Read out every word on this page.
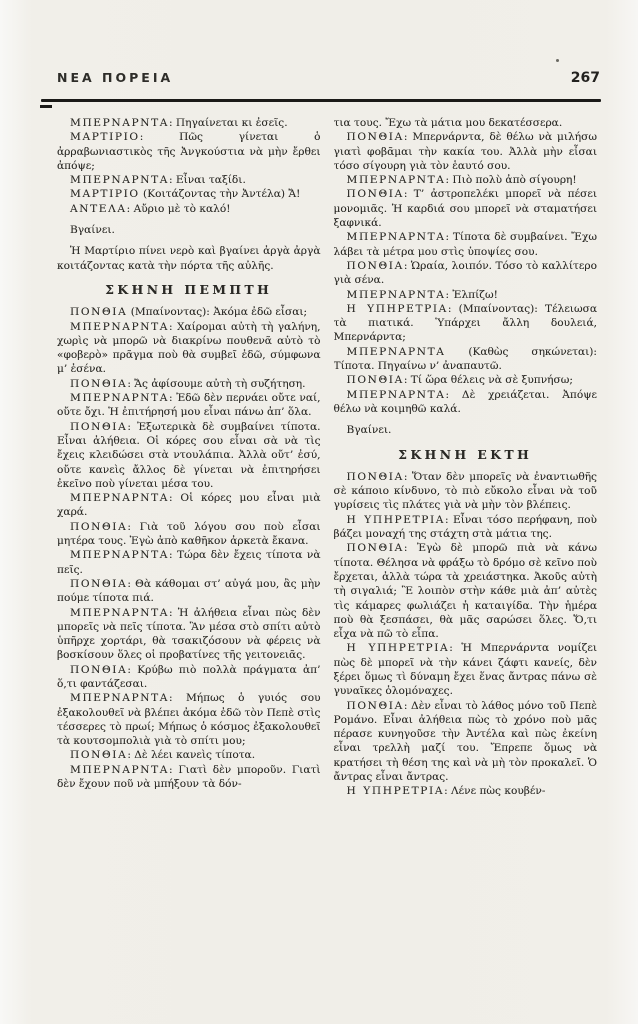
ΝΕΑ ΠΟΡΕΙΑ	267

ΜΠΕΡΝΑΡΝΤΑ: Πηγαίνεται κι ἐσεῖς.

ΜΑΡΤΙΡΙΟ: Πῶς γίνεται ὁ ἀρραβωνιαστικὸς τῆς Ἀνγκούστια νὰ μὴν ἔρθει ἀπόψε;

ΜΠΕΡΝΑΡΝΤΑ: Εἶναι ταξίδι.

ΜΑΡΤΙΡΙΟ (Κοιτάζοντας τὴν Ἀντέλα) Ἄ!

ΑΝΤΕΛΑ: Αὔριο μὲ τὸ καλό!

Βγαίνει.

Ἡ Μαρτίριο πίνει νερὸ καὶ βγαίνει ἀργὰ ἀργὰ κοιτάζοντας κατὰ τὴν πόρτα τῆς αὐλῆς.

ΣΚΗΝΗ ΠΕΜΠΤΗ

ΠΟΝΘΙΑ (Μπαίνοντας): Ἀκόμα ἐδῶ εἶσαι;

ΜΠΕΡΝΑΡΝΤΑ: Χαίρομαι αὐτὴ τὴ γαλήνη, χωρὶς νὰ μπορῶ νὰ διακρίνω πουθενᾶ αὐτὸ τὸ «φοβερὸ» πρᾶγμα ποὺ θὰ συμβεῖ ἐδῶ, σύμφωνα μ’ ἐσένα.

ΠΟΝΘΙΑ: Ἄς ἀφίσουμε αὐτὴ τὴ συζήτηση.

ΜΠΕΡΝΑΡΝΤΑ: Ἐδῶ δὲν περνάει οὔτε ναί, οὔτε ὄχι. Ἡ ἐπιτήρησή μου εἶναι πάνω ἀπ’ ὅλα.

ΠΟΝΘΙΑ: Ἐξωτερικὰ δὲ συμβαίνει τίποτα. Εἶναι ἀλήθεια. Οἱ κόρες σου εἶναι σὰ νὰ τὶς ἔχεις κλειδώσει στὰ ντουλάπια. Ἀλλὰ οὔτ’ ἐσύ, οὔτε κανεὶς ἄλλος δὲ γίνεται νὰ ἐπιτηρήσει ἐκεῖνο ποὺ γίνεται μέσα του.

ΜΠΕΡΝΑΡΝΤΑ: Οἱ κόρες μου εἶναι μιὰ χαρά.

ΠΟΝΘΙΑ: Γιὰ τοῦ λόγου σου ποὺ εἶσαι μητέρα τους. Ἐγὼ ἀπὸ καθῆκον ἀρκετὰ ἔκανα.

ΜΠΕΡΝΑΡΝΤΑ: Τώρα δὲν ἔχεις τίποτα νὰ πεῖς.

ΠΟΝΘΙΑ: Θὰ κάθομαι στ’ αὐγά μου, ἂς μὴν πούμε τίποτα πιά.

ΜΠΕΡΝΑΡΝΤΑ: Ἡ ἀλήθεια εἶναι πὼς δὲν μπορεῖς νὰ πεῖς τίποτα. Ἂν μέσα στὸ σπίτι αὐτὸ ὑπῆρχε χορτάρι, θὰ τσακιζόσουν νὰ φέρεις νὰ βοσκίσουν ὅλες οἱ προβατίνες τῆς γειτονειᾶς.

ΠΟΝΘΙΑ: Κρύβω πιὸ πολλὰ πράγματα ἀπ’ ὅ,τι φαντάζεσαι.

ΜΠΕΡΝΑΡΝΤΑ: Μήπως ὁ γυιός σου ἐξακολουθεῖ νὰ βλέπει ἀκόμα ἐδῶ τὸν Πεπὲ στὶς τέσσερες τὸ πρωί; Μήπως ὁ κόσμος ἐξακολουθεῖ τὰ κουτσομπολιὰ γιὰ τὸ σπίτι μου;

ΠΟΝΘΙΑ: Δὲ λέει κανεὶς τίποτα.

ΜΠΕΡΝΑΡΝΤΑ: Γιατὶ δὲν μποροῦν. Γιατὶ δὲν ἔχουν ποῦ νὰ μπήξουν τὰ δόν-

τια τους. Ἔχω τὰ μάτια μου δεκατέσσερα.

ΠΟΝΘΙΑ: Μπερνάρντα, δὲ θέλω νὰ μιλήσω γιατὶ φοβᾶμαι τὴν κακία του. Ἀλλὰ μὴν εἶσαι τόσο σίγουρη γιὰ τὸν ἑαυτό σου.

ΜΠΕΡΝΑΡΝΤΑ: Πιὸ πολὺ ἀπὸ σίγουρη!

ΠΟΝΘΙΑ: Τ’ ἀστροπελέκι μπορεῖ νὰ πέσει μονομιᾶς. Ἡ καρδιά σου μπορεῖ νὰ σταματήσει ξαφνικά.

ΜΠΕΡΝΑΡΝΤΑ: Τίποτα δὲ συμβαίνει. Ἔχω λάβει τὰ μέτρα μου στὶς ὑποψίες σου.

ΠΟΝΘΙΑ: Ὡραία, λοιπόν. Τόσο τὸ καλλίτερο γιὰ σένα.

ΜΠΕΡΝΑΡΝΤΑ: Ἐλπίζω!

Η ΥΠΗΡΕΤΡΙΑ: (Μπαίνοντας): Τέλειωσα τὰ πιατικά. Ὑπάρχει ἄλλη δουλειά, Μπερνάρντα;

ΜΠΕΡΝΑΡΝΤΑ (Καθὼς σηκώνεται): Τίποτα. Πηγαίνω ν’ ἀναπαυτῶ.

ΠΟΝΘΙΑ: Τί ὥρα θέλεις νὰ σὲ ξυπνήσω;

ΜΠΕΡΝΑΡΝΤΑ: Δὲ χρειάζεται. Ἀπόψε θέλω νὰ κοιμηθῶ καλά.

Βγαίνει.

ΣΚΗΝΗ ΕΚΤΗ

ΠΟΝΘΙΑ: Ὅταν δὲν μπορεῖς νὰ ἐναντιωθῆς σὲ κάποιο κίνδυνο, τὸ πιὸ εὔκολο εἶναι νὰ τοῦ γυρίσεις τὶς πλάτες γιὰ νὰ μὴν τὸν βλέπεις.

Η ΥΠΗΡΕΤΡΙΑ: Εἶναι τόσο περήφανη, ποὺ βάζει μοναχή της στάχτη στὰ μάτια της.

ΠΟΝΘΙΑ: Ἐγὼ δὲ μπορῶ πιὰ νὰ κάνω τίποτα. Θέλησα νὰ φράξω τὸ δρόμο σὲ κεῖνο ποὺ ἔρχεται, ἀλλὰ τώρα τὰ χρειάστηκα. Ἀκοῦς αὐτὴ τὴ σιγαλιά; Ἒ λοιπὸν στὴν κάθε μιὰ ἀπ’ αὐτὲς τὶς κάμαρες φωλιάζει ἡ καταιγίδα. Τὴν ἡμέρα ποὺ θὰ ξεσπάσει, θὰ μᾶς σαρώσει ὅλες. Ὅ,τι εἶχα νὰ πῶ τὸ εἶπα.

Η ΥΠΗΡΕΤΡΙΑ: Ἡ Μπερνάρντα νομίζει πὼς δὲ μπορεῖ νὰ τὴν κάνει ζάφτι κανείς, δὲν ξέρει ὅμως τὶ δύναμη ἔχει ἕνας ἄντρας πάνω σὲ γυναῖκες ὁλομόναχες.

ΠΟΝΘΙΑ: Δὲν εἶναι τὸ λάθος μόνο τοῦ Πεπὲ Ρομάνο. Εἶναι ἀλήθεια πὼς τὸ χρόνο ποὺ μᾶς πέρασε κυνηγοῦσε τὴν Ἀντέλα καὶ πὼς ἐκείνη εἶναι τρελλὴ μαζί του. Ἔπρεπε ὅμως νὰ κρατήσει τὴ θέση της καὶ νὰ μὴ τὸν προκαλεῖ. Ὁ ἄντρας εἶναι ἄντρας.

Η ΥΠΗΡΕΤΡΙΑ: Λένε πὼς κουβέν-
